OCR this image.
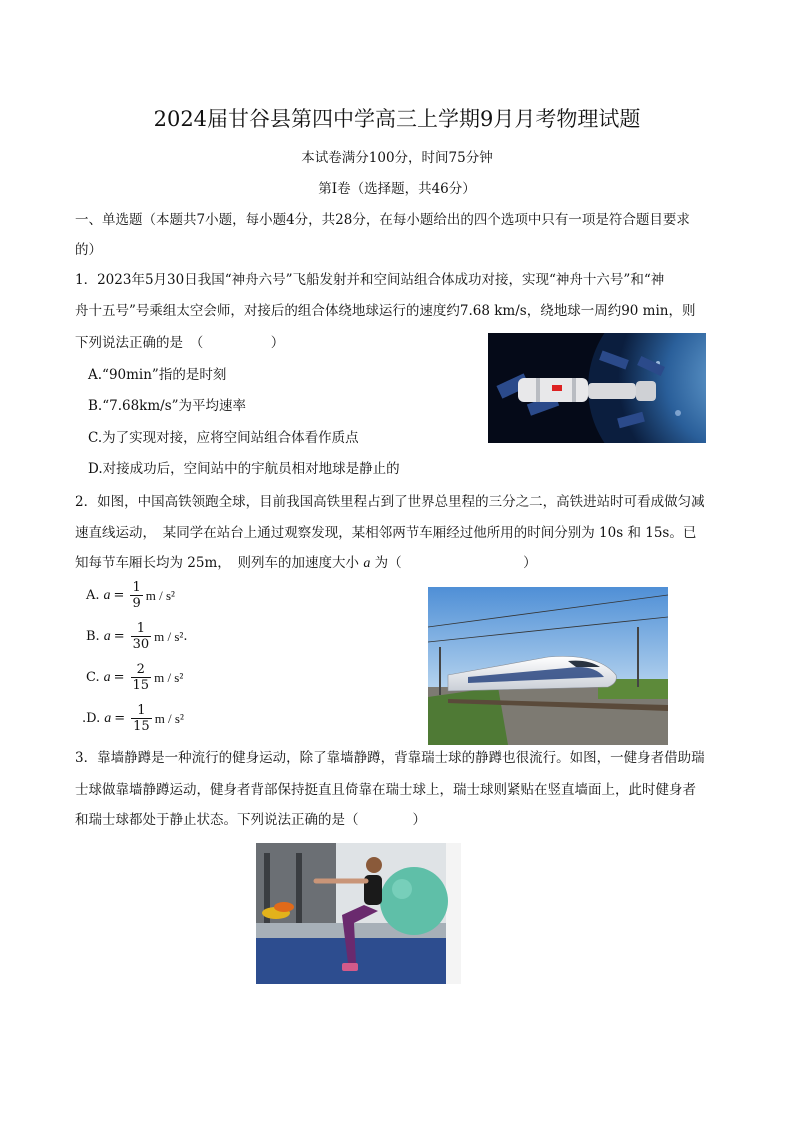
2024届甘谷县第四中学高三上学期9月月考物理试题
本试卷满分100分，时间75分钟
第Ⅰ卷（选择题，共46分）
一、单选题（本题共7小题，每小题4分，共28分，在每小题给出的四个选项中只有一项是符合题目要求
的）
1．2023年5月30日我国“神舟六号”飞船发射并和空间站组合体成功对接，实现“神舟十六号”和“神
舟十五号”号乘组太空会师，对接后的组合体绕地球运行的速度约7.68 km/s，绕地球一周约90 min，则
下列说法正确的是　（　　　　　）
A.“90min”指的是时刻
B.“7.68km/s”为平均速率
C.为了实现对接，应将空间站组合体看作质点
D.对接成功后，空间站中的宇航员相对地球是静止的
2．如图，中国高铁领跑全球，目前我国高铁里程占到了世界总里程的三分之二，高铁进站时可看成做匀减
速直线运动，　某同学在站台上通过观察发现，某相邻两节车厢经过他所用的时间分别为 10s 和 15s。已
知每节车厢长均为 25m，　则列车的加速度大小 a 为（　　　　　　　　　）
A. $a = \frac{1}{9}$ m / s²
B. $a = \frac{1}{30}$ m / s² .
C. $a = \frac{2}{15}$ m / s²
.D. $a = \frac{1}{15}$ m / s²
3．靠墙静蹲是一种流行的健身运动，除了靠墙静蹲，背靠瑞士球的静蹲也很流行。如图，一健身者借助瑞
士球做靠墙静蹲运动，健身者背部保持挺直且倚靠在瑞士球上，瑞士球则紧贴在竖直墙面上，此时健身者
和瑞士球都处于静止状态。下列说法正确的是（　　　　）
